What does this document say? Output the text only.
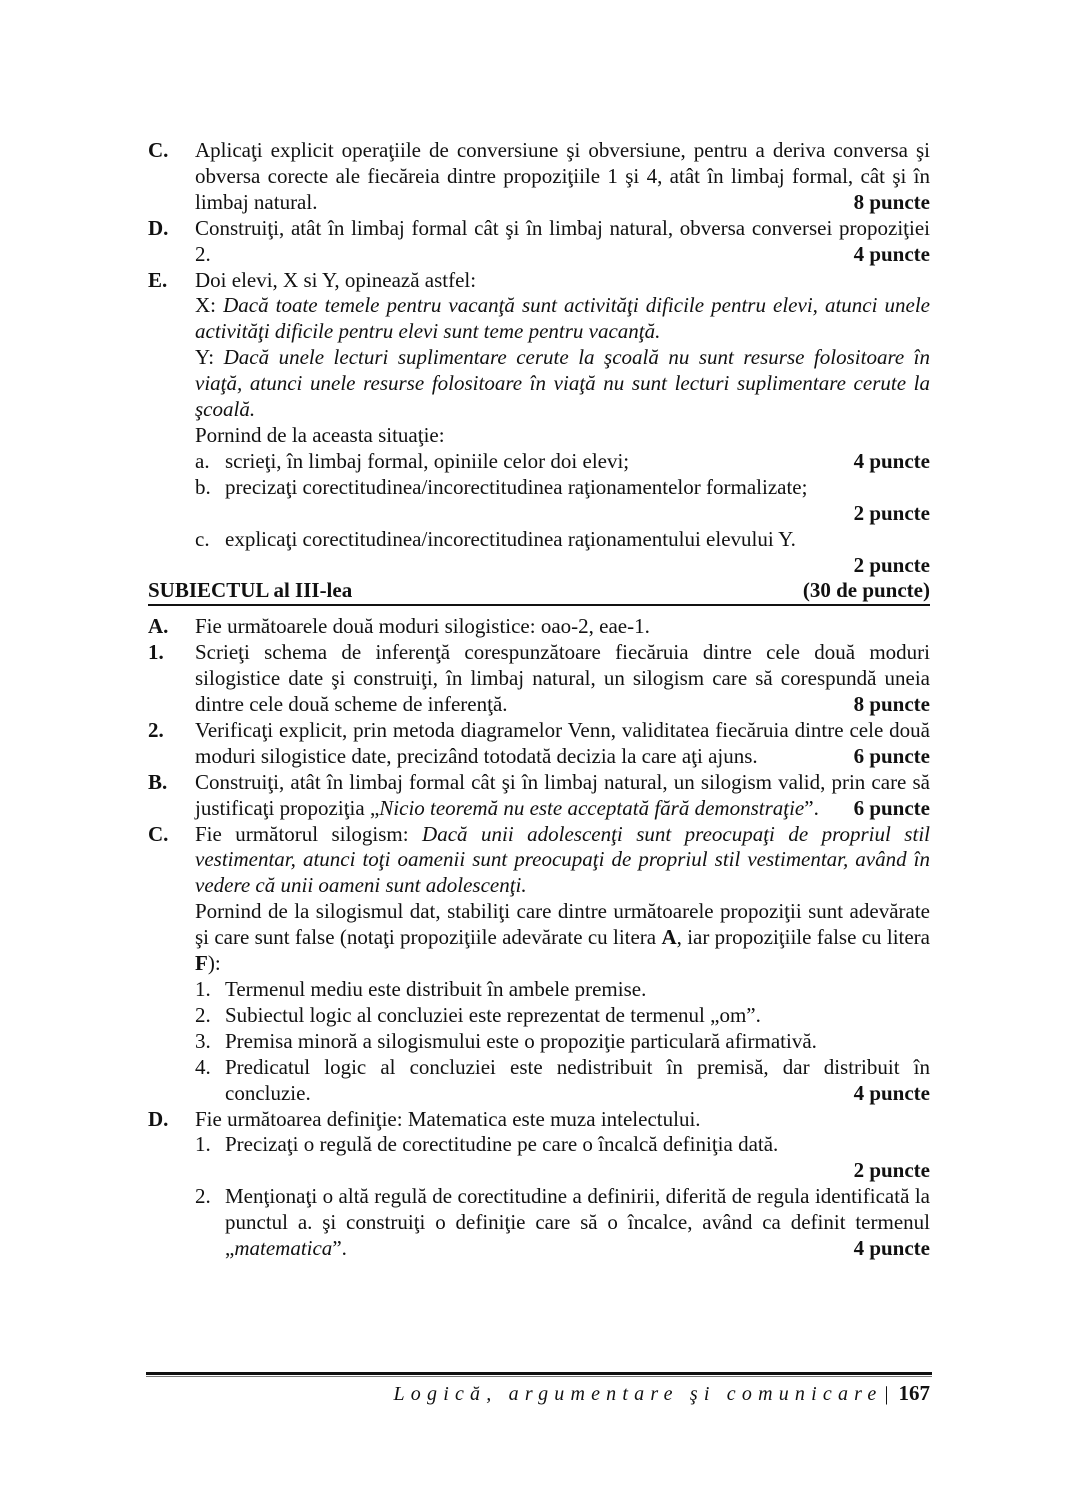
C.	Aplicaţi explicit operaţiile de conversiune şi obversiune, pentru a deriva conversa şi obversa corecte ale fiecăreia dintre propoziţiile 1 şi 4, atât în limbaj formal, cât şi în limbaj natural.	8 puncte
D.	Construiţi, atât în limbaj formal cât şi în limbaj natural, obversa conversei propoziţiei 2.	4 puncte
E.	Doi elevi, X si Y, opinează astfel:
X: Dacă toate temele pentru vacanţă sunt activităţi dificile pentru elevi, atunci unele activităţi dificile pentru elevi sunt teme pentru vacanţă.
Y: Dacă unele lecturi suplimentare cerute la şcoală nu sunt resurse folositoare în viaţă, atunci unele resurse folositoare în viaţă nu sunt lecturi suplimentare cerute la şcoală.
Pornind de la aceasta situaţie:
a. scrieţi, în limbaj formal, opiniile celor doi elevi;	4 puncte
b. precizaţi corectitudinea/incorectitudinea raţionamentelor formalizate;
2 puncte
c. explicaţi corectitudinea/incorectitudinea raţionamentului elevului Y.
2 puncte
SUBIECTUL al III-lea	(30 de puncte)
A.	Fie următoarele două moduri silogistice: oao-2, eae-1.
1.	Scrieţi schema de inferenţă corespunzătoare fiecăruia dintre cele două moduri silogistice date şi construiţi, în limbaj natural, un silogism care să corespundă uneia dintre cele două scheme de inferenţă.	8 puncte
2.	Verificaţi explicit, prin metoda diagramelor Venn, validitatea fiecăruia dintre cele două moduri silogistice date, precizând totodată decizia la care aţi ajuns.	6 puncte
B.	Construiţi, atât în limbaj formal cât şi în limbaj natural, un silogism valid, prin care să justificaţi propoziţia „Nicio teoremă nu este acceptată fără demonstraţie”. 6 puncte
C.	Fie următorul silogism: Dacă unii adolescenţi sunt preocupaţi de propriul stil vestimentar, atunci toţi oamenii sunt preocupaţi de propriul stil vestimentar, având în vedere că unii oameni sunt adolescenţi.
Pornind de la silogismul dat, stabiliţi care dintre următoarele propoziţii sunt adevărate şi care sunt false (notaţi propoziţiile adevărate cu litera A, iar propoziţiile false cu litera F):
1. Termenul mediu este distribuit în ambele premise.
2. Subiectul logic al concluziei este reprezentat de termenul „om”.
3. Premisa minoră a silogismului este o propoziţie particulară afirmativă.
4. Predicatul logic al concluziei este nedistribuit în premisă, dar distribuit în concluzie.	4 puncte
D.	Fie următoarea definiţie: Matematica este muza intelectului.
1. Precizaţi o regulă de corectitudine pe care o încalcă definiţia dată.
2 puncte
2. Menţionaţi o altă regulă de corectitudine a definirii, diferită de regula identificată la punctul a. şi construiţi o definiţie care să o încalce, având ca definit termenul „matematica”.	4 puncte
Logică, argumentare şi comunicare | 167
